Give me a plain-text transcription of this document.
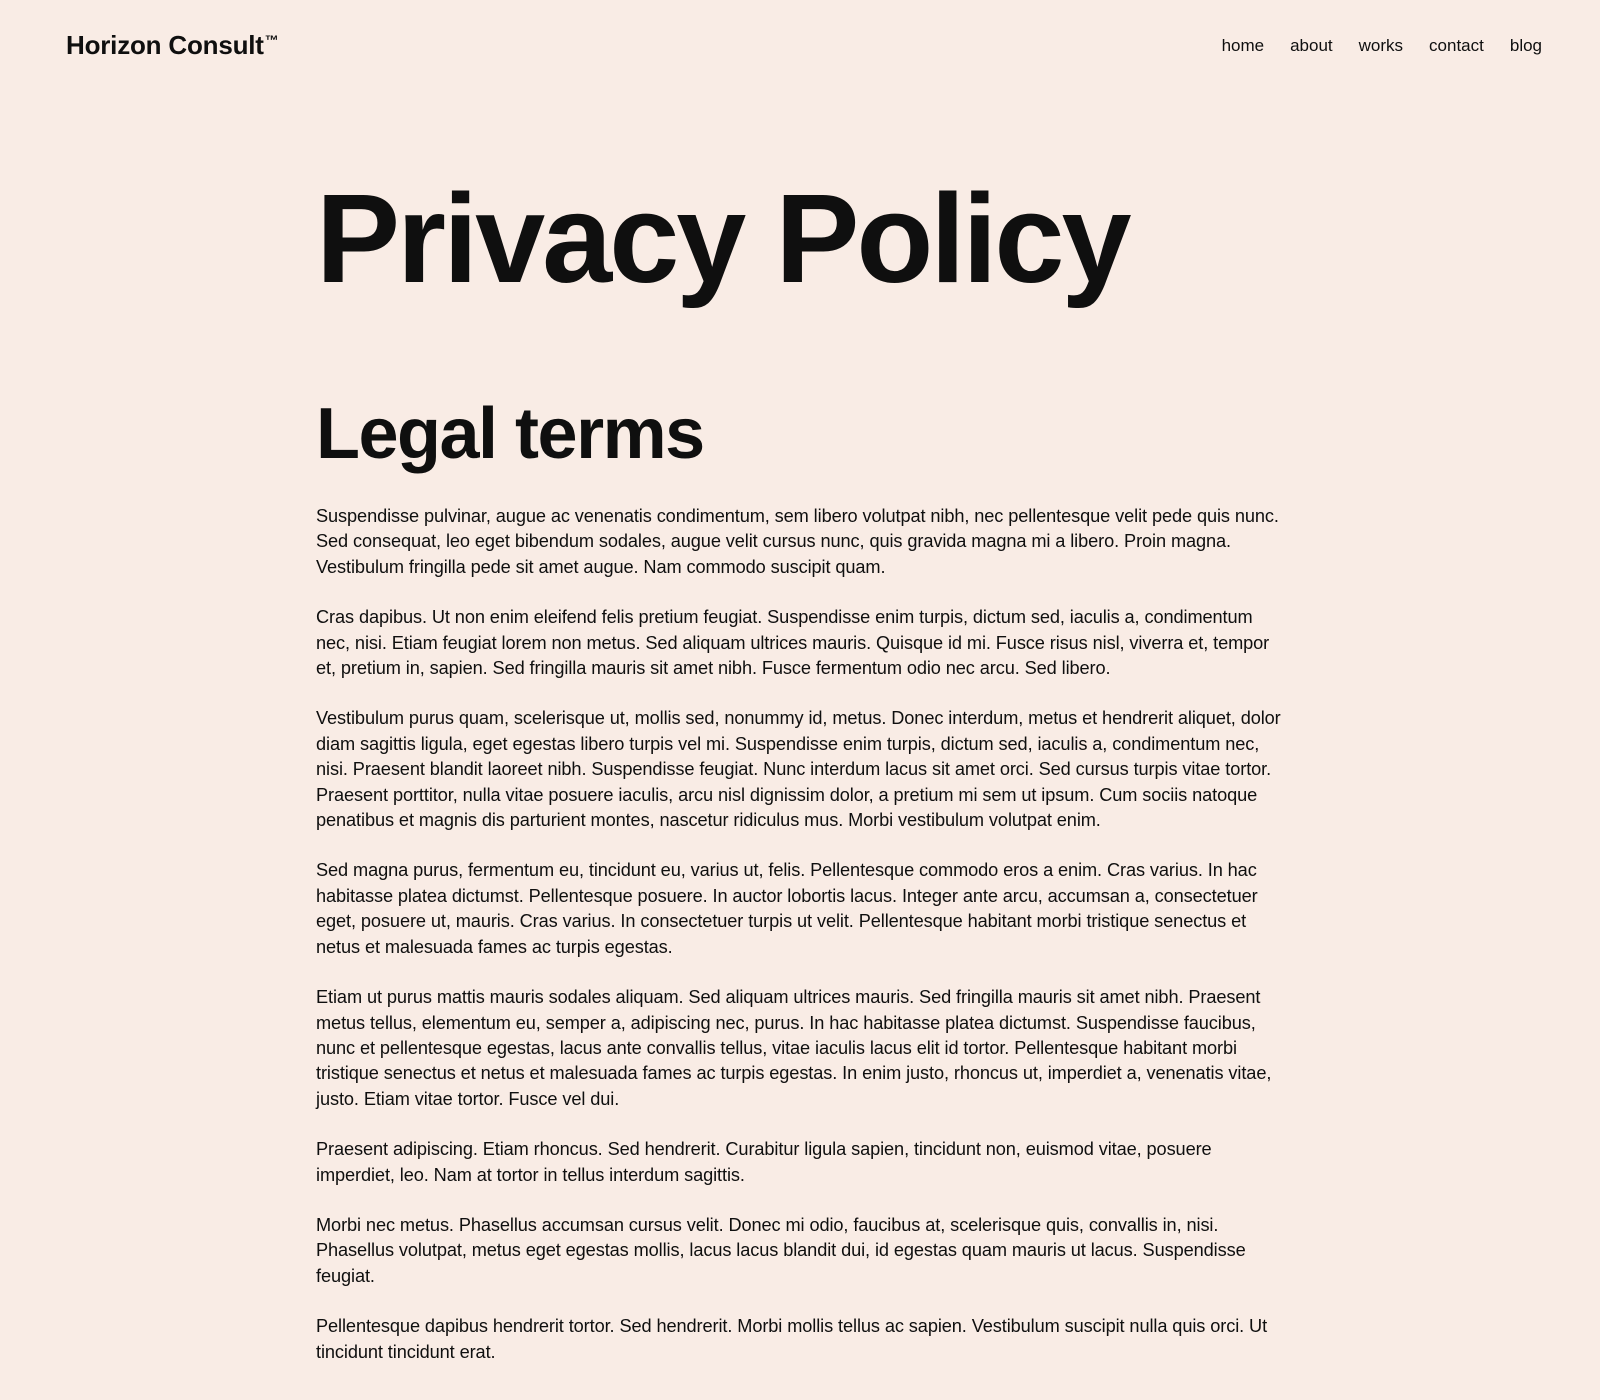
Horizon Consult™	home about works contact blog
Privacy Policy
Legal terms

Suspendisse pulvinar, augue ac venenatis condimentum, sem libero volutpat nibh, nec pellentesque velit pede quis nunc. Sed consequat, leo eget bibendum sodales, augue velit cursus nunc, quis gravida magna mi a libero. Proin magna. Vestibulum fringilla pede sit amet augue. Nam commodo suscipit quam.

Cras dapibus. Ut non enim eleifend felis pretium feugiat. Suspendisse enim turpis, dictum sed, iaculis a, condimentum nec, nisi. Etiam feugiat lorem non metus. Sed aliquam ultrices mauris. Quisque id mi. Fusce risus nisl, viverra et, tempor et, pretium in, sapien. Sed fringilla mauris sit amet nibh. Fusce fermentum odio nec arcu. Sed libero.

Vestibulum purus quam, scelerisque ut, mollis sed, nonummy id, metus. Donec interdum, metus et hendrerit aliquet, dolor diam sagittis ligula, eget egestas libero turpis vel mi. Suspendisse enim turpis, dictum sed, iaculis a, condimentum nec, nisi. Praesent blandit laoreet nibh. Suspendisse feugiat. Nunc interdum lacus sit amet orci. Sed cursus turpis vitae tortor. Praesent porttitor, nulla vitae posuere iaculis, arcu nisl dignissim dolor, a pretium mi sem ut ipsum. Cum sociis natoque penatibus et magnis dis parturient montes, nascetur ridiculus mus. Morbi vestibulum volutpat enim.

Sed magna purus, fermentum eu, tincidunt eu, varius ut, felis. Pellentesque commodo eros a enim. Cras varius. In hac habitasse platea dictumst. Pellentesque posuere. In auctor lobortis lacus. Integer ante arcu, accumsan a, consectetuer eget, posuere ut, mauris. Cras varius. In consectetuer turpis ut velit. Pellentesque habitant morbi tristique senectus et netus et malesuada fames ac turpis egestas.

Etiam ut purus mattis mauris sodales aliquam. Sed aliquam ultrices mauris. Sed fringilla mauris sit amet nibh. Praesent metus tellus, elementum eu, semper a, adipiscing nec, purus. In hac habitasse platea dictumst. Suspendisse faucibus, nunc et pellentesque egestas, lacus ante convallis tellus, vitae iaculis lacus elit id tortor. Pellentesque habitant morbi tristique senectus et netus et malesuada fames ac turpis egestas. In enim justo, rhoncus ut, imperdiet a, venenatis vitae, justo. Etiam vitae tortor. Fusce vel dui.

Praesent adipiscing. Etiam rhoncus. Sed hendrerit. Curabitur ligula sapien, tincidunt non, euismod vitae, posuere imperdiet, leo. Nam at tortor in tellus interdum sagittis.

Morbi nec metus. Phasellus accumsan cursus velit. Donec mi odio, faucibus at, scelerisque quis, convallis in, nisi. Phasellus volutpat, metus eget egestas mollis, lacus lacus blandit dui, id egestas quam mauris ut lacus. Suspendisse feugiat.

Pellentesque dapibus hendrerit tortor. Sed hendrerit. Morbi mollis tellus ac sapien. Vestibulum suscipit nulla quis orci. Ut tincidunt tincidunt erat.
